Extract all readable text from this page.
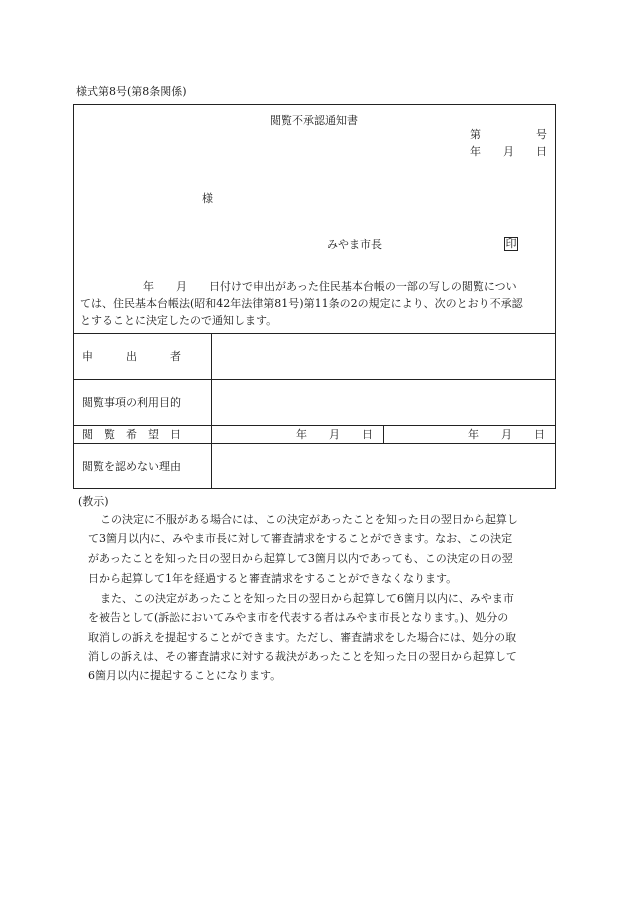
様式第8号(第8条関係)
閲覧不承認通知書
第　　　　　号
年　　月　　日
様
みやま市長	印
年　　月　　日付けで申出があった住民基本台帳の一部の写しの閲覧につい
ては、住民基本台帳法(昭和42年法律第81号)第11条の2の規定により、次のとおり不承認
とすることに決定したので通知します。
申　　　出　　　者
閲覧事項の利用目的
閲　覧　希　望　日	年　　月　　日	年　　月　　日
閲覧を認めない理由
(教示)
この決定に不服がある場合には、この決定があったことを知った日の翌日から起算し
て3箇月以内に、みやま市長に対して審査請求をすることができます。なお、この決定
があったことを知った日の翌日から起算して3箇月以内であっても、この決定の日の翌
日から起算して1年を経過すると審査請求をすることができなくなります。
また、この決定があったことを知った日の翌日から起算して6箇月以内に、みやま市
を被告として(訴訟においてみやま市を代表する者はみやま市長となります。)、処分の
取消しの訴えを提起することができます。ただし、審査請求をした場合には、処分の取
消しの訴えは、その審査請求に対する裁決があったことを知った日の翌日から起算して
6箇月以内に提起することになります。
